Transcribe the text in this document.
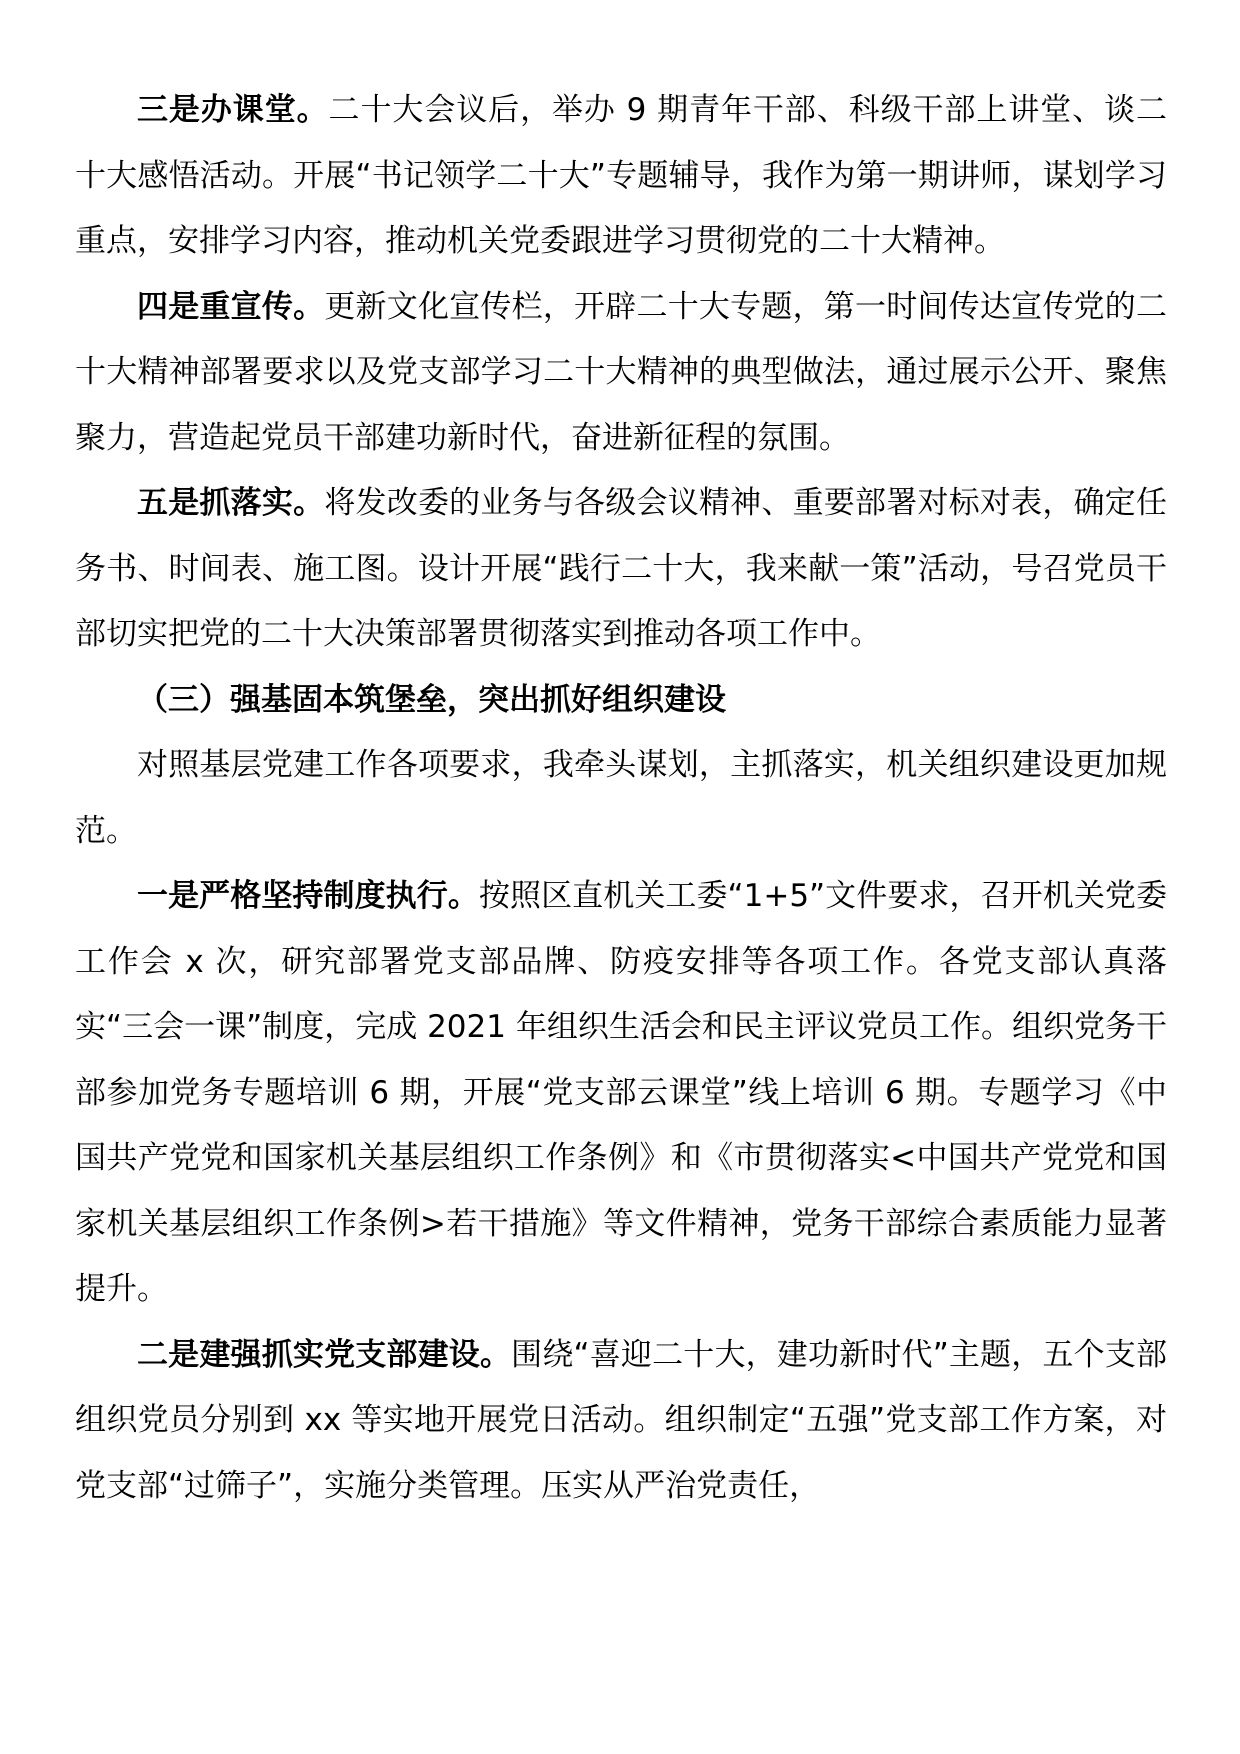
三是办课堂。二十大会议后，举办 9 期青年干部、科级干部上讲堂、谈二十大感悟活动。开展“书记领学二十大”专题辅导，我作为第一期讲师，谋划学习重点，安排学习内容，推动机关党委跟进学习贯彻党的二十大精神。

四是重宣传。更新文化宣传栏，开辟二十大专题，第一时间传达宣传党的二十大精神部署要求以及党支部学习二十大精神的典型做法，通过展示公开、聚焦聚力，营造起党员干部建功新时代，奋进新征程的氛围。

五是抓落实。将发改委的业务与各级会议精神、重要部署对标对表，确定任务书、时间表、施工图。设计开展“践行二十大，我来献一策”活动，号召党员干部切实把党的二十大决策部署贯彻落实到推动各项工作中。

（三）强基固本筑堡垒，突出抓好组织建设

对照基层党建工作各项要求，我牵头谋划，主抓落实，机关组织建设更加规范。

一是严格坚持制度执行。按照区直机关工委“1+5”文件要求，召开机关党委工作会 x 次，研究部署党支部品牌、防疫安排等各项工作。各党支部认真落实“三会一课”制度，完成 2021 年组织生活会和民主评议党员工作。组织党务干部参加党务专题培训 6 期，开展“党支部云课堂”线上培训 6 期。专题学习《中国共产党党和国家机关基层组织工作条例》和《市贯彻落实<中国共产党党和国家机关基层组织工作条例>若干措施》等文件精神，党务干部综合素质能力显著提升。

二是建强抓实党支部建设。围绕“喜迎二十大，建功新时代”主题，五个支部组织党员分别到 xx 等实地开展党日活动。组织制定“五强”党支部工作方案，对党支部“过筛子”，实施分类管理。压实从严治党责任，
